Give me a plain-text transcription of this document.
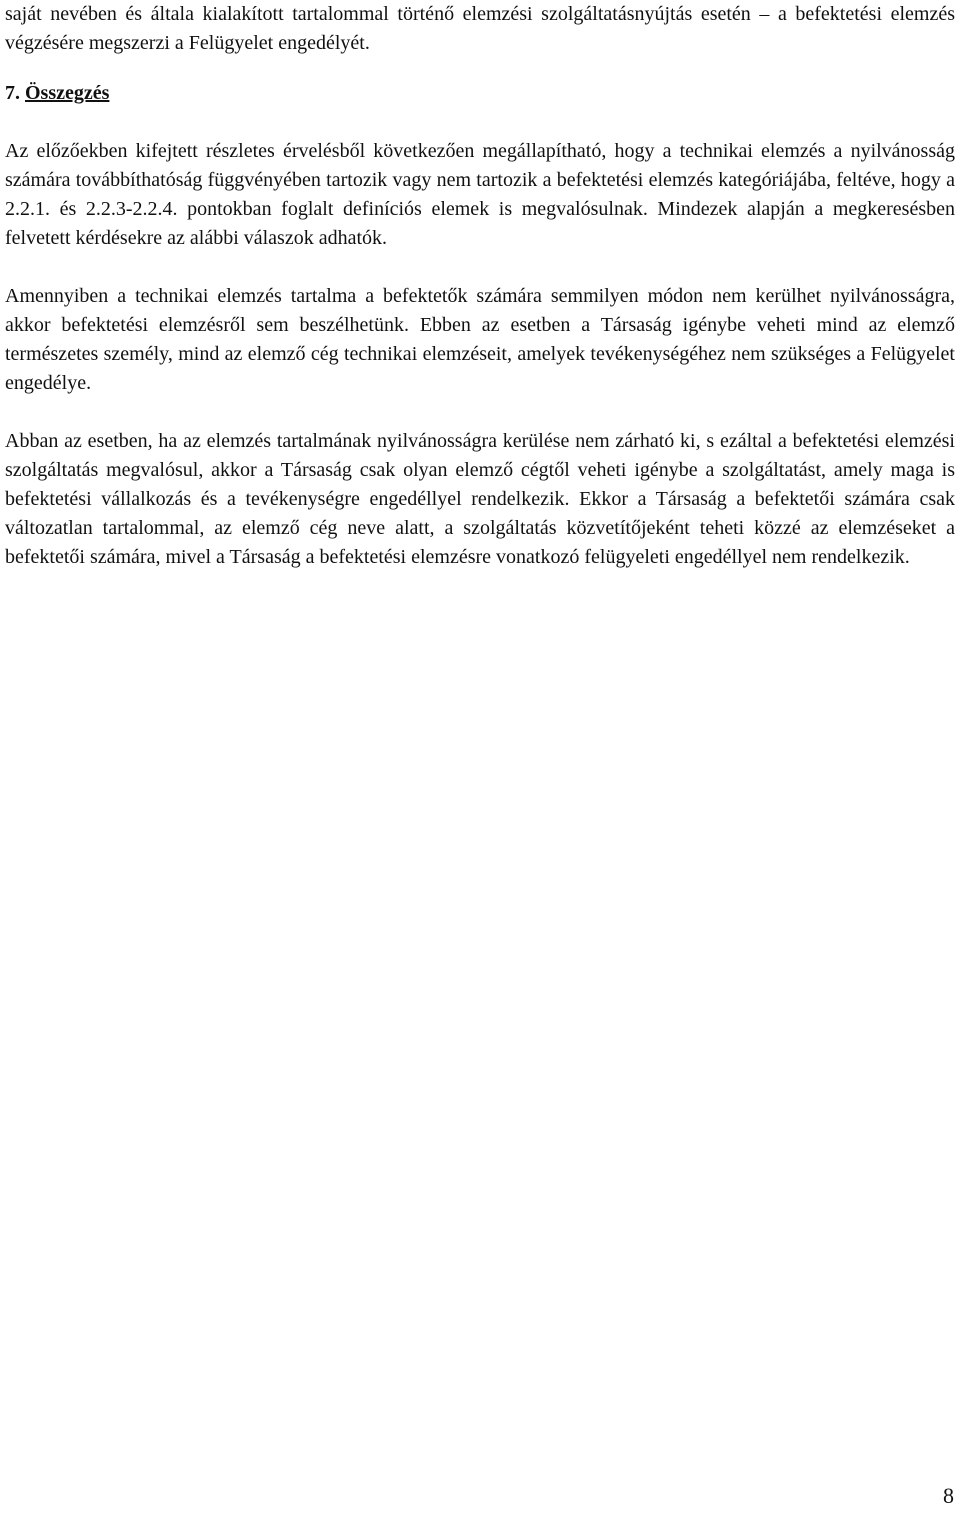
saját nevében és általa kialakított tartalommal történő elemzési szolgáltatásnyújtás esetén – a befektetési elemzés végzésére megszerzi a Felügyelet engedélyét.

7. Összegzés

Az előzőekben kifejtett részletes érvelésből következően megállapítható, hogy a technikai elemzés a nyilvánosság számára továbbíthatóság függvényében tartozik vagy nem tartozik a befektetési elemzés kategóriájába, feltéve, hogy a 2.2.1. és 2.2.3-2.2.4. pontokban foglalt definíciós elemek is megvalósulnak. Mindezek alapján a megkeresésben felvetett kérdésekre az alábbi válaszok adhatók.

Amennyiben a technikai elemzés tartalma a befektetők számára semmilyen módon nem kerülhet nyilvánosságra, akkor befektetési elemzésről sem beszélhetünk. Ebben az esetben a Társaság igénybe veheti mind az elemző természetes személy, mind az elemző cég technikai elemzéseit, amelyek tevékenységéhez nem szükséges a Felügyelet engedélye.

Abban az esetben, ha az elemzés tartalmának nyilvánosságra kerülése nem zárható ki, s ezáltal a befektetési elemzési szolgáltatás megvalósul, akkor a Társaság csak olyan elemző cégtől veheti igénybe a szolgáltatást, amely maga is befektetési vállalkozás és a tevékenységre engedéllyel rendelkezik. Ekkor a Társaság a befektetői számára csak változatlan tartalommal, az elemző cég neve alatt, a szolgáltatás közvetítőjeként teheti közzé az elemzéseket a befektetői számára, mivel a Társaság a befektetési elemzésre vonatkozó felügyeleti engedéllyel nem rendelkezik.

8
